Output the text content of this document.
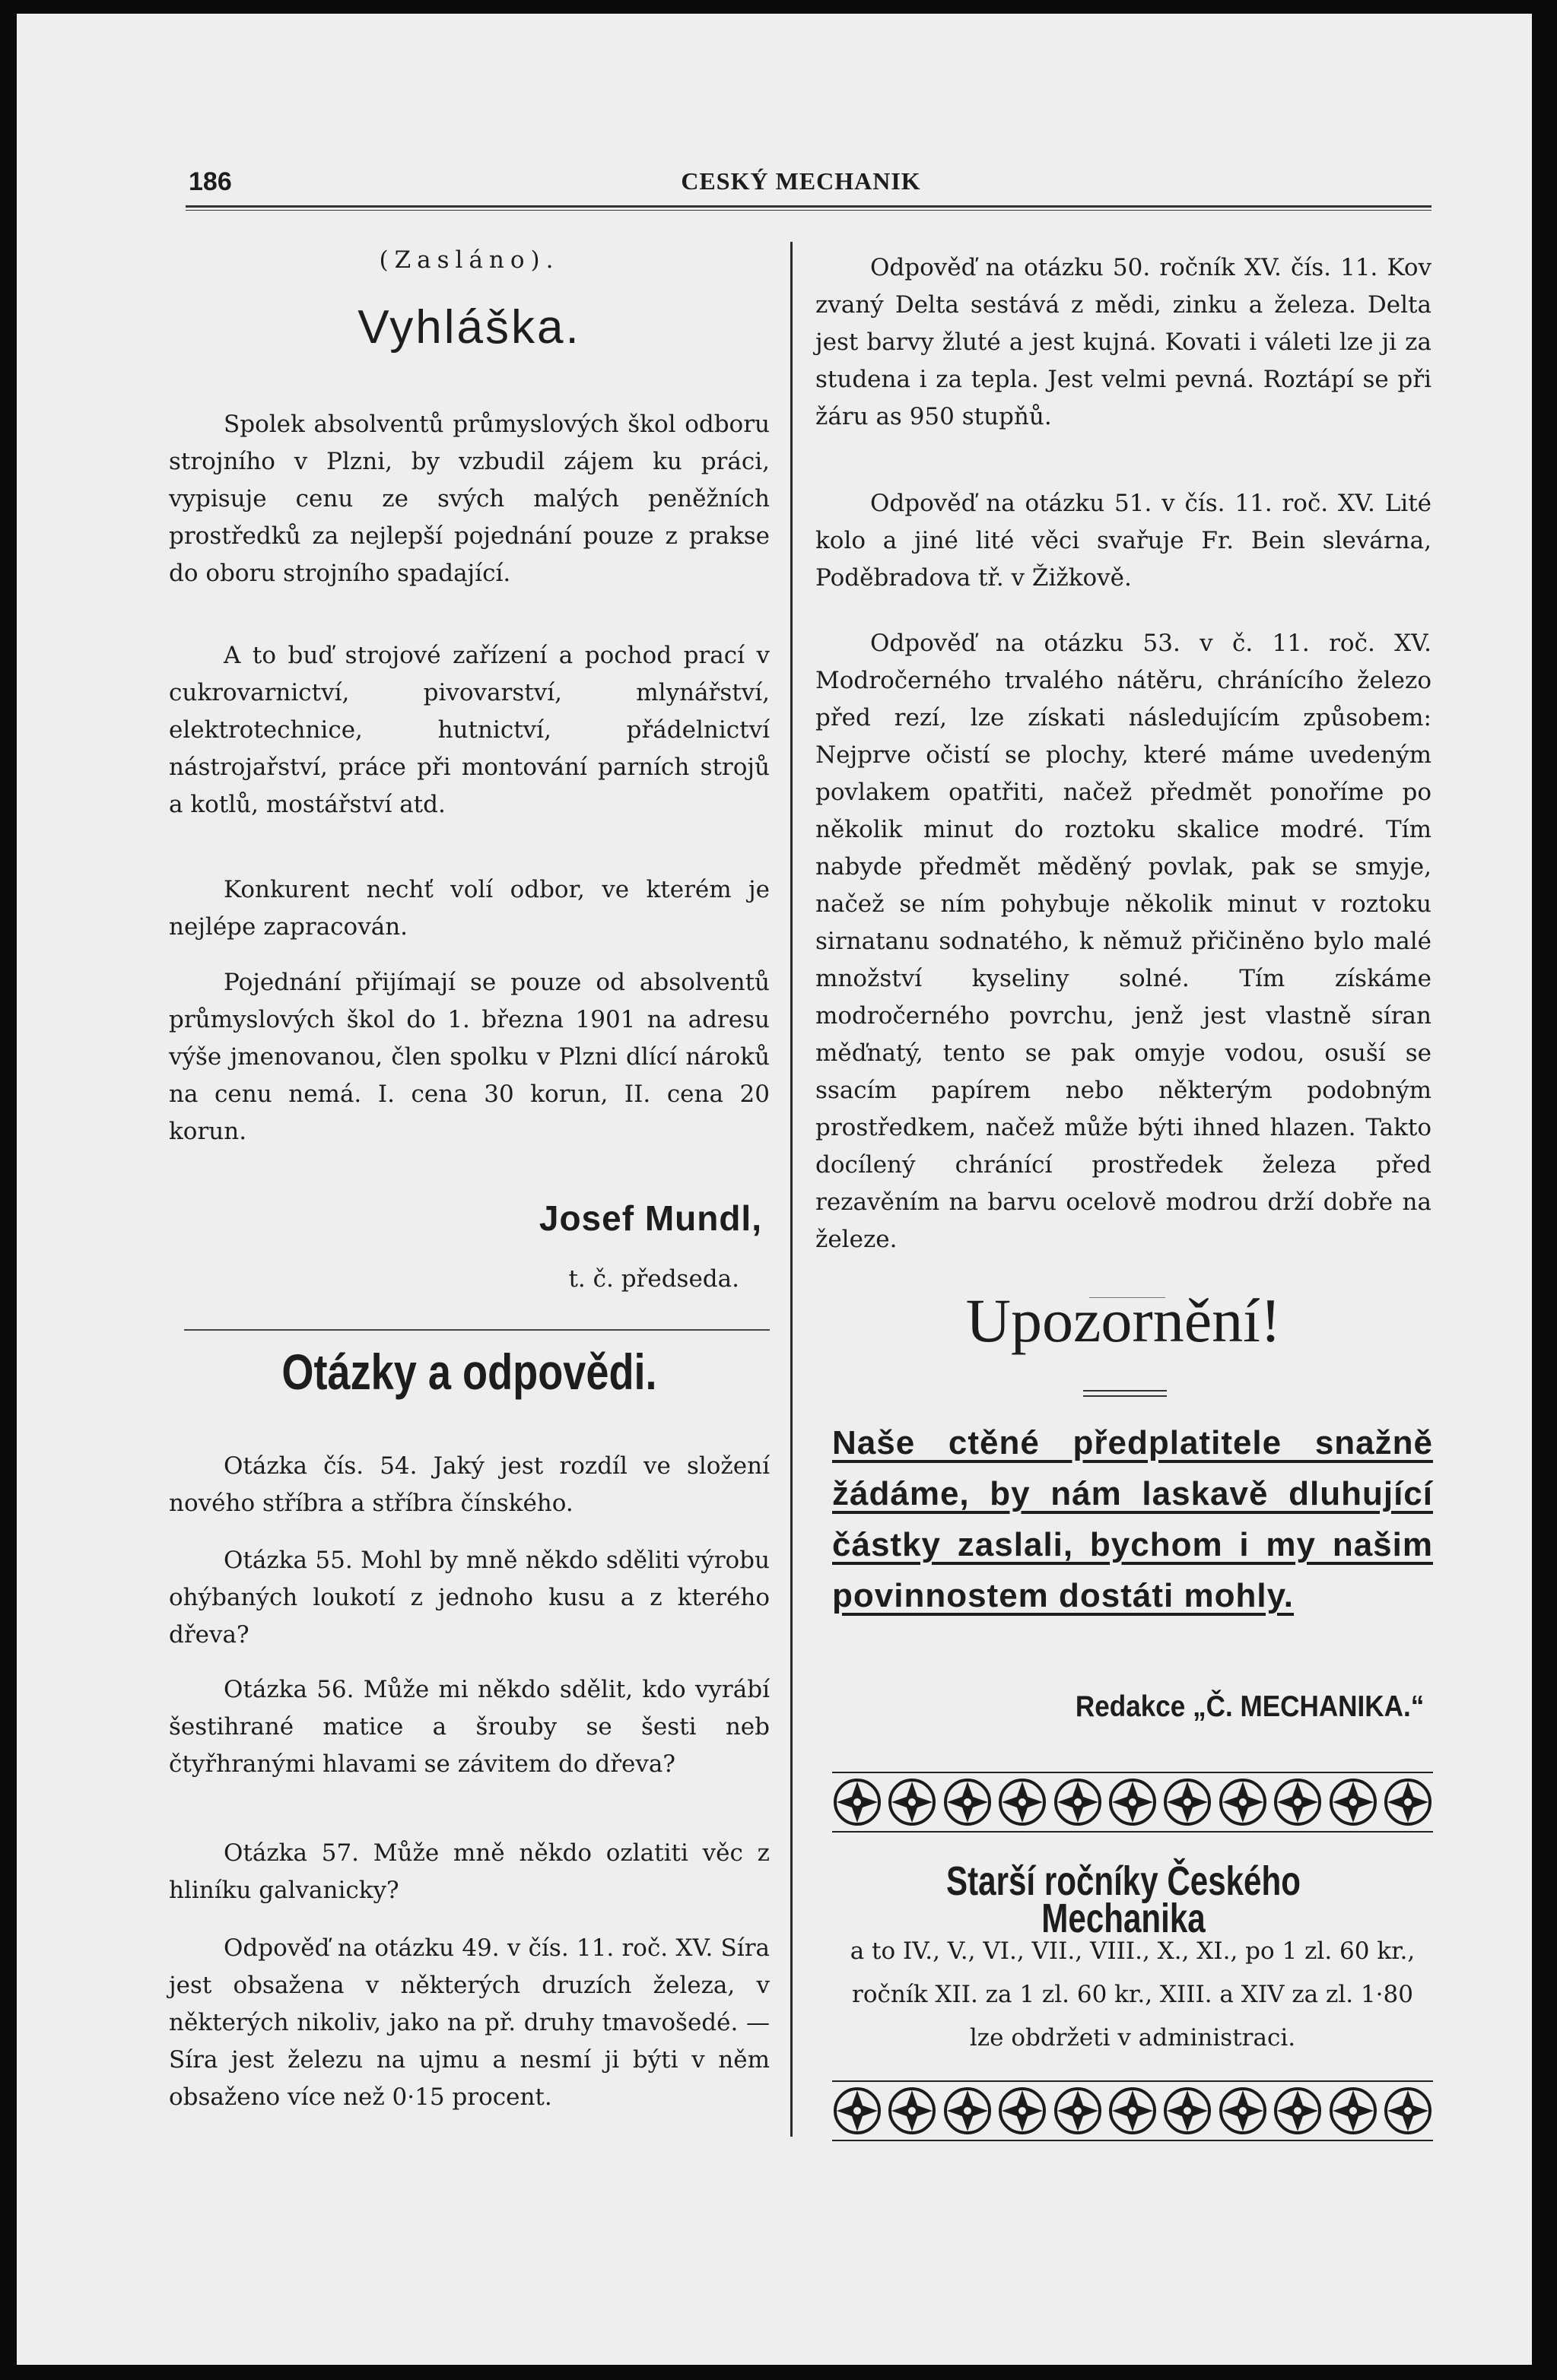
186	CESKÝ MECHANIK
(Zasláno).
Vyhláška.

Spolek absolventů průmyslových škol odboru strojního v Plzni, by vzbudil zájem ku práci, vypisuje cenu ze svých malých peněžních prostředků za nejlepší pojednání pouze z prakse do oboru strojního spadající.

A to buď strojové zařízení a pochod prací v cukrovarnictví, pivovarství, mlynářství, elektrotechnice, hutnictví, přádelnictví nástrojařství, práce při montování parních strojů a kotlů, mostářství atd.

Konkurent nechť volí odbor, ve kterém je nejlépe zapracován.

Pojednání přijímají se pouze od absolventů průmyslových škol do 1. března 1901 na adresu výše jmenovanou, člen spolku v Plzni dlící nároků na cenu nemá. I. cena 30 korun, II. cena 20 korun.

Josef Mundl,
t. č. předseda.
Otázky a odpovědi.

Otázka čís. 54. Jaký jest rozdíl ve složení nového stříbra a stříbra čínského.

Otázka 55. Mohl by mně někdo sděliti výrobu ohýbaných loukotí z jednoho kusu a z kterého dřeva?

Otázka 56. Může mi někdo sdělit, kdo vyrábí šestihrané matice a šrouby se šesti neb čtyřhranými hlavami se závitem do dřeva?

Otázka 57. Může mně někdo ozlatiti věc z hliníku galvanicky?

Odpověď na otázku 49. v čís. 11. roč. XV. Síra jest obsažena v některých druzích železa, v některých nikoliv, jako na př. druhy tmavošedé. — Síra jest železu na ujmu a nesmí ji býti v něm obsaženo více než 0·15 procent.

Odpověď na otázku 50. ročník XV. čís. 11. Kov zvaný Delta sestává z mědi, zinku a železa. Delta jest barvy žluté a jest kujná. Kovati i váleti lze ji za studena i za tepla. Jest velmi pevná. Roztápí se při žáru as 950 stupňů.

Odpověď na otázku 51. v čís. 11. roč. XV. Lité kolo a jiné lité věci svařuje Fr. Bein slevárna, Poděbradova tř. v Žižkově.

Odpověď na otázku 53. v č. 11. roč. XV. Modročerného trvalého nátěru, chránícího železo před rezí, lze získati následujícím způsobem: Nejprve očistí se plochy, které máme uvedeným povlakem opatřiti, načež předmět ponoříme po několik minut do roztoku skalice modré. Tím nabyde předmět měděný povlak, pak se smyje, načež se ním pohybuje několik minut v roztoku sirnatanu sodnatého, k němuž přičiněno bylo malé množství kyseliny solné. Tím získáme modročerného povrchu, jenž jest vlastně síran měďnatý, tento se pak omyje vodou, osuší se ssacím papírem nebo některým podobným prostředkem, načež může býti ihned hlazen. Takto docílený chránící prostředek železa před rezavěním na barvu ocelově modrou drží dobře na železe.

Upozornění!
Naše ctěné předplatitele snažně žádáme, by nám laskavě dluhující částky zaslali, bychom i my našim povinnostem dostáti mohly.
Redakce „Č. MECHANIKA.“
Starší ročníky Českého Mechanika
a to IV., V., VI., VII., VIII., X., XI., po 1 zl. 60 kr., ročník XII. za 1 zl. 60 kr., XIII. a XIV za zl. 1·80 lze obdržeti v administraci.
